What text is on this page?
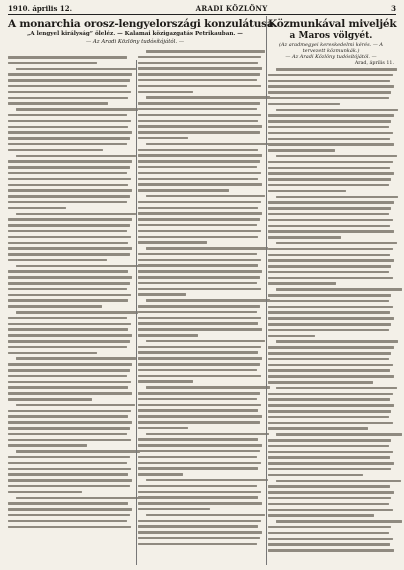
1910. április 12.	ARADI KÖZLÖNY	3
A monarchia orosz-lengyelországi konzulátusa.
Közmunkával miveljék
a Maros völgyét.

(Az aradmegyei kereskedelmi kérés. — A

tervezett közmunkák.)

— Az Aradi Közlöny tudósítójától. —

Arad, április 11.
„A lengyel királyság” öleléz. — Kalamai közigazgatás Petrikauban. —
— Az Aradi Közlöny tudósítójától. —
